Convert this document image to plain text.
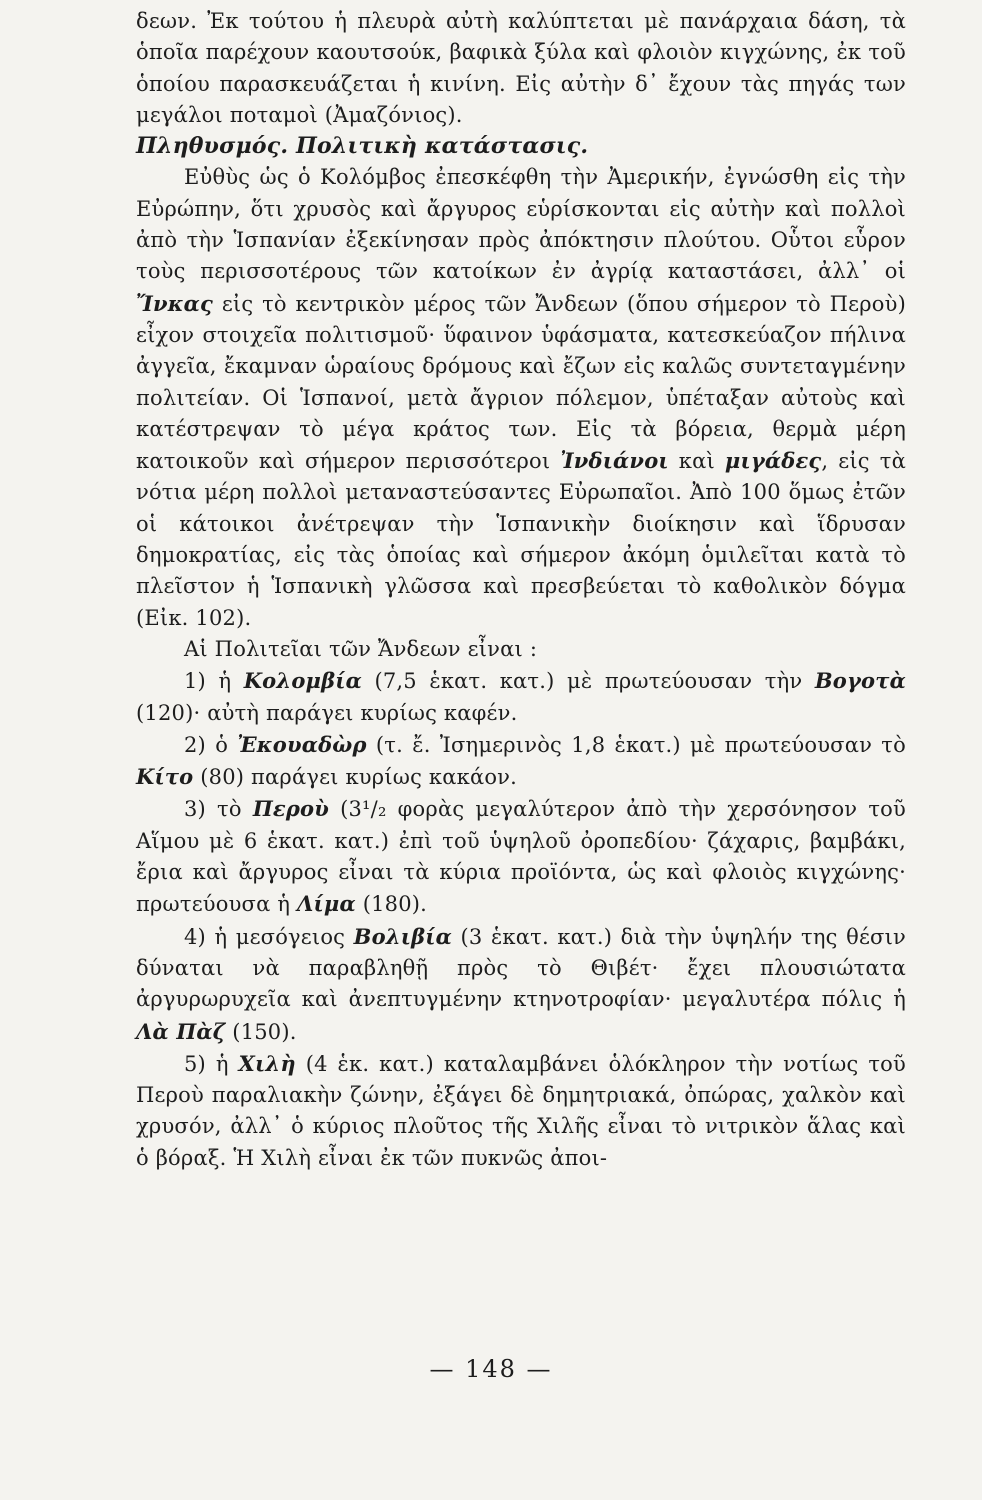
δεων. Ἐκ τούτου ἡ πλευρὰ αὐτὴ καλύπτεται μὲ πανάρχαια δάση, τὰ ὁποῖα παρέχουν καουτσούκ, βαφικὰ ξύλα καὶ φλοιὸν κιγχώνης, ἐκ τοῦ ὁποίου παρασκευάζεται ἡ κινίνη. Εἰς αὐτὴν δ᾽ ἔχουν τὰς πηγάς των μεγάλοι ποταμοὶ (Ἀμαζόνιος).

Πληθυσμός. Πολιτικὴ κατάστασις.

Εὐθὺς ὡς ὁ Κολόμβος ἐπεσκέφθη τὴν Ἀμερικήν, ἐγνώσθη εἰς τὴν Εὐρώπην, ὅτι χρυσὸς καὶ ἄργυρος εὑρίσκονται εἰς αὐτὴν καὶ πολλοὶ ἀπὸ τὴν Ἱσπανίαν ἐξεκίνησαν πρὸς ἀπόκτησιν πλούτου. Οὗτοι εὗρον τοὺς περισσοτέρους τῶν κατοίκων ἐν ἀγρίᾳ καταστάσει, ἀλλ᾽ οἱ Ἴνκας εἰς τὸ κεντρικὸν μέρος τῶν Ἄνδεων (ὅπου σήμερον τὸ Περοὺ) εἶχον στοιχεῖα πολιτισμοῦ· ὕφαινον ὑφάσματα, κατεσκεύαζον πήλινα ἀγγεῖα, ἔκαμναν ὡραίους δρόμους καὶ ἔζων εἰς καλῶς συντεταγμένην πολιτείαν. Οἱ Ἱσπανοί, μετὰ ἄγριον πόλεμον, ὑπέταξαν αὐτοὺς καὶ κατέστρεψαν τὸ μέγα κράτος των. Εἰς τὰ βόρεια, θερμὰ μέρη κατοικοῦν καὶ σήμερον περισσότεροι Ἰνδιάνοι καὶ μιγάδες, εἰς τὰ νότια μέρη πολλοὶ μεταναστεύσαντες Εὐρωπαῖοι. Ἀπὸ 100 ὅμως ἐτῶν οἱ κάτοικοι ἀνέτρεψαν τὴν Ἱσπανικὴν διοίκησιν καὶ ἵδρυσαν δημοκρατίας, εἰς τὰς ὁποίας καὶ σήμερον ἀκόμη ὁμιλεῖται κατὰ τὸ πλεῖστον ἡ Ἱσπανικὴ γλῶσσα καὶ πρεσβεύεται τὸ καθολικὸν δόγμα (Εἰκ. 102).

Αἱ Πολιτεῖαι τῶν Ἄνδεων εἶναι :

1) ἡ Κολομβία (7,5 ἑκατ. κατ.) μὲ πρωτεύουσαν τὴν Βογοτὰ (120)· αὐτὴ παράγει κυρίως καφέν.

2) ὁ Ἐκουαδὼρ (τ. ἔ. Ἰσημερινὸς 1,8 ἑκατ.) μὲ πρωτεύουσαν τὸ Κίτο (80) παράγει κυρίως κακάον.

3) τὸ Περοὺ (3¹/₂ φορὰς μεγαλύτερον ἀπὸ τὴν χερσόνησον τοῦ Αἵμου μὲ 6 ἑκατ. κατ.) ἐπὶ τοῦ ὑψηλοῦ ὀροπεδίου· ζάχαρις, βαμβάκι, ἔρια καὶ ἄργυρος εἶναι τὰ κύρια προϊόντα, ὡς καὶ φλοιὸς κιγχώνης· πρωτεύουσα ἡ Λίμα (180).

4) ἡ μεσόγειος Βολιβία (3 ἑκατ. κατ.) διὰ τὴν ὑψηλήν της θέσιν δύναται νὰ παραβληθῇ πρὸς τὸ Θιβέτ· ἔχει πλουσιώτατα ἀργυρωρυχεῖα καὶ ἀνεπτυγμένην κτηνοτροφίαν· μεγαλυτέρα πόλις ἡ Λὰ Πὰζ (150).

5) ἡ Χιλὴ (4 ἑκ. κατ.) καταλαμβάνει ὁλόκληρον τὴν νοτίως τοῦ Περοὺ παραλιακὴν ζώνην, ἐξάγει δὲ δημητριακά, ὀπώρας, χαλκὸν καὶ χρυσόν, ἀλλ᾽ ὁ κύριος πλοῦτος τῆς Χιλῆς εἶναι τὸ νιτρικὸν ἅλας καὶ ὁ βόραξ. Ἡ Χιλὴ εἶναι ἐκ τῶν πυκνῶς ἀποι-

— 148 —
